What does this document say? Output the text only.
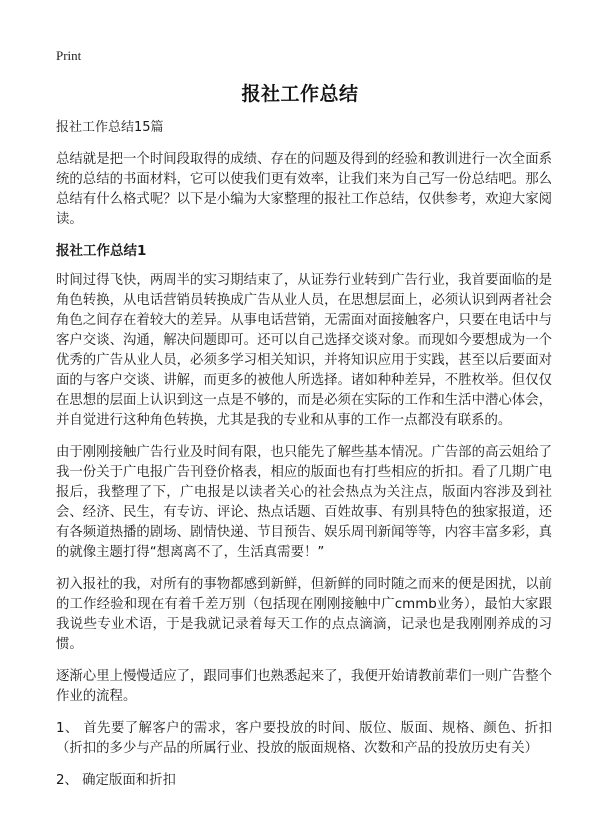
Print
报社工作总结
报社工作总结15篇

总结就是把一个时间段取得的成绩、存在的问题及得到的经验和教训进行一次全面系统的总结的书面材料，它可以使我们更有效率，让我们来为自己写一份总结吧。那么总结有什么格式呢？以下是小编为大家整理的报社工作总结，仅供参考，欢迎大家阅读。

报社工作总结1

时间过得飞快，两周半的实习期结束了，从证券行业转到广告行业，我首要面临的是角色转换，从电话营销员转换成广告从业人员，在思想层面上，必须认识到两者社会角色之间存在着较大的差异。从事电话营销，无需面对面接触客户，只要在电话中与客户交谈、沟通，解决问题即可。还可以自己选择交谈对象。而现如今要想成为一个优秀的广告从业人员，必须多学习相关知识，并将知识应用于实践，甚至以后要面对面的与客户交谈、讲解，而更多的被他人所选择。诸如种种差异，不胜枚举。但仅仅在思想的层面上认识到这一点是不够的，而是必须在实际的工作和生活中潜心体会，并自觉进行这种角色转换，尤其是我的专业和从事的工作一点都没有联系的。

由于刚刚接触广告行业及时间有限，也只能先了解些基本情况。广告部的高云姐给了我一份关于广电报广告刊登价格表，相应的版面也有打些相应的折扣。看了几期广电报后，我整理了下，广电报是以读者关心的社会热点为关注点，版面内容涉及到社会、经济、民生，有专访、评论、热点话题、百姓故事、有别具特色的独家报道，还有各频道热播的剧场、剧情快递、节目预告、娱乐周刊新闻等等，内容丰富多彩，真的就像主题打得“想离离不了，生活真需要！”

初入报社的我，对所有的事物都感到新鲜，但新鲜的同时随之而来的便是困扰，以前的工作经验和现在有着千差万别（包括现在刚刚接触中广cmmb业务），最怕大家跟我说些专业术语，于是我就记录着每天工作的点点滴滴，记录也是我刚刚养成的习惯。

逐渐心里上慢慢适应了，跟同事们也熟悉起来了，我便开始请教前辈们一则广告整个作业的流程。

1、 首先要了解客户的需求，客户要投放的时间、版位、版面、规格、颜色、折扣（折扣的多少与产品的所属行业、投放的版面规格、次数和产品的投放历史有关）

2、 确定版面和折扣
